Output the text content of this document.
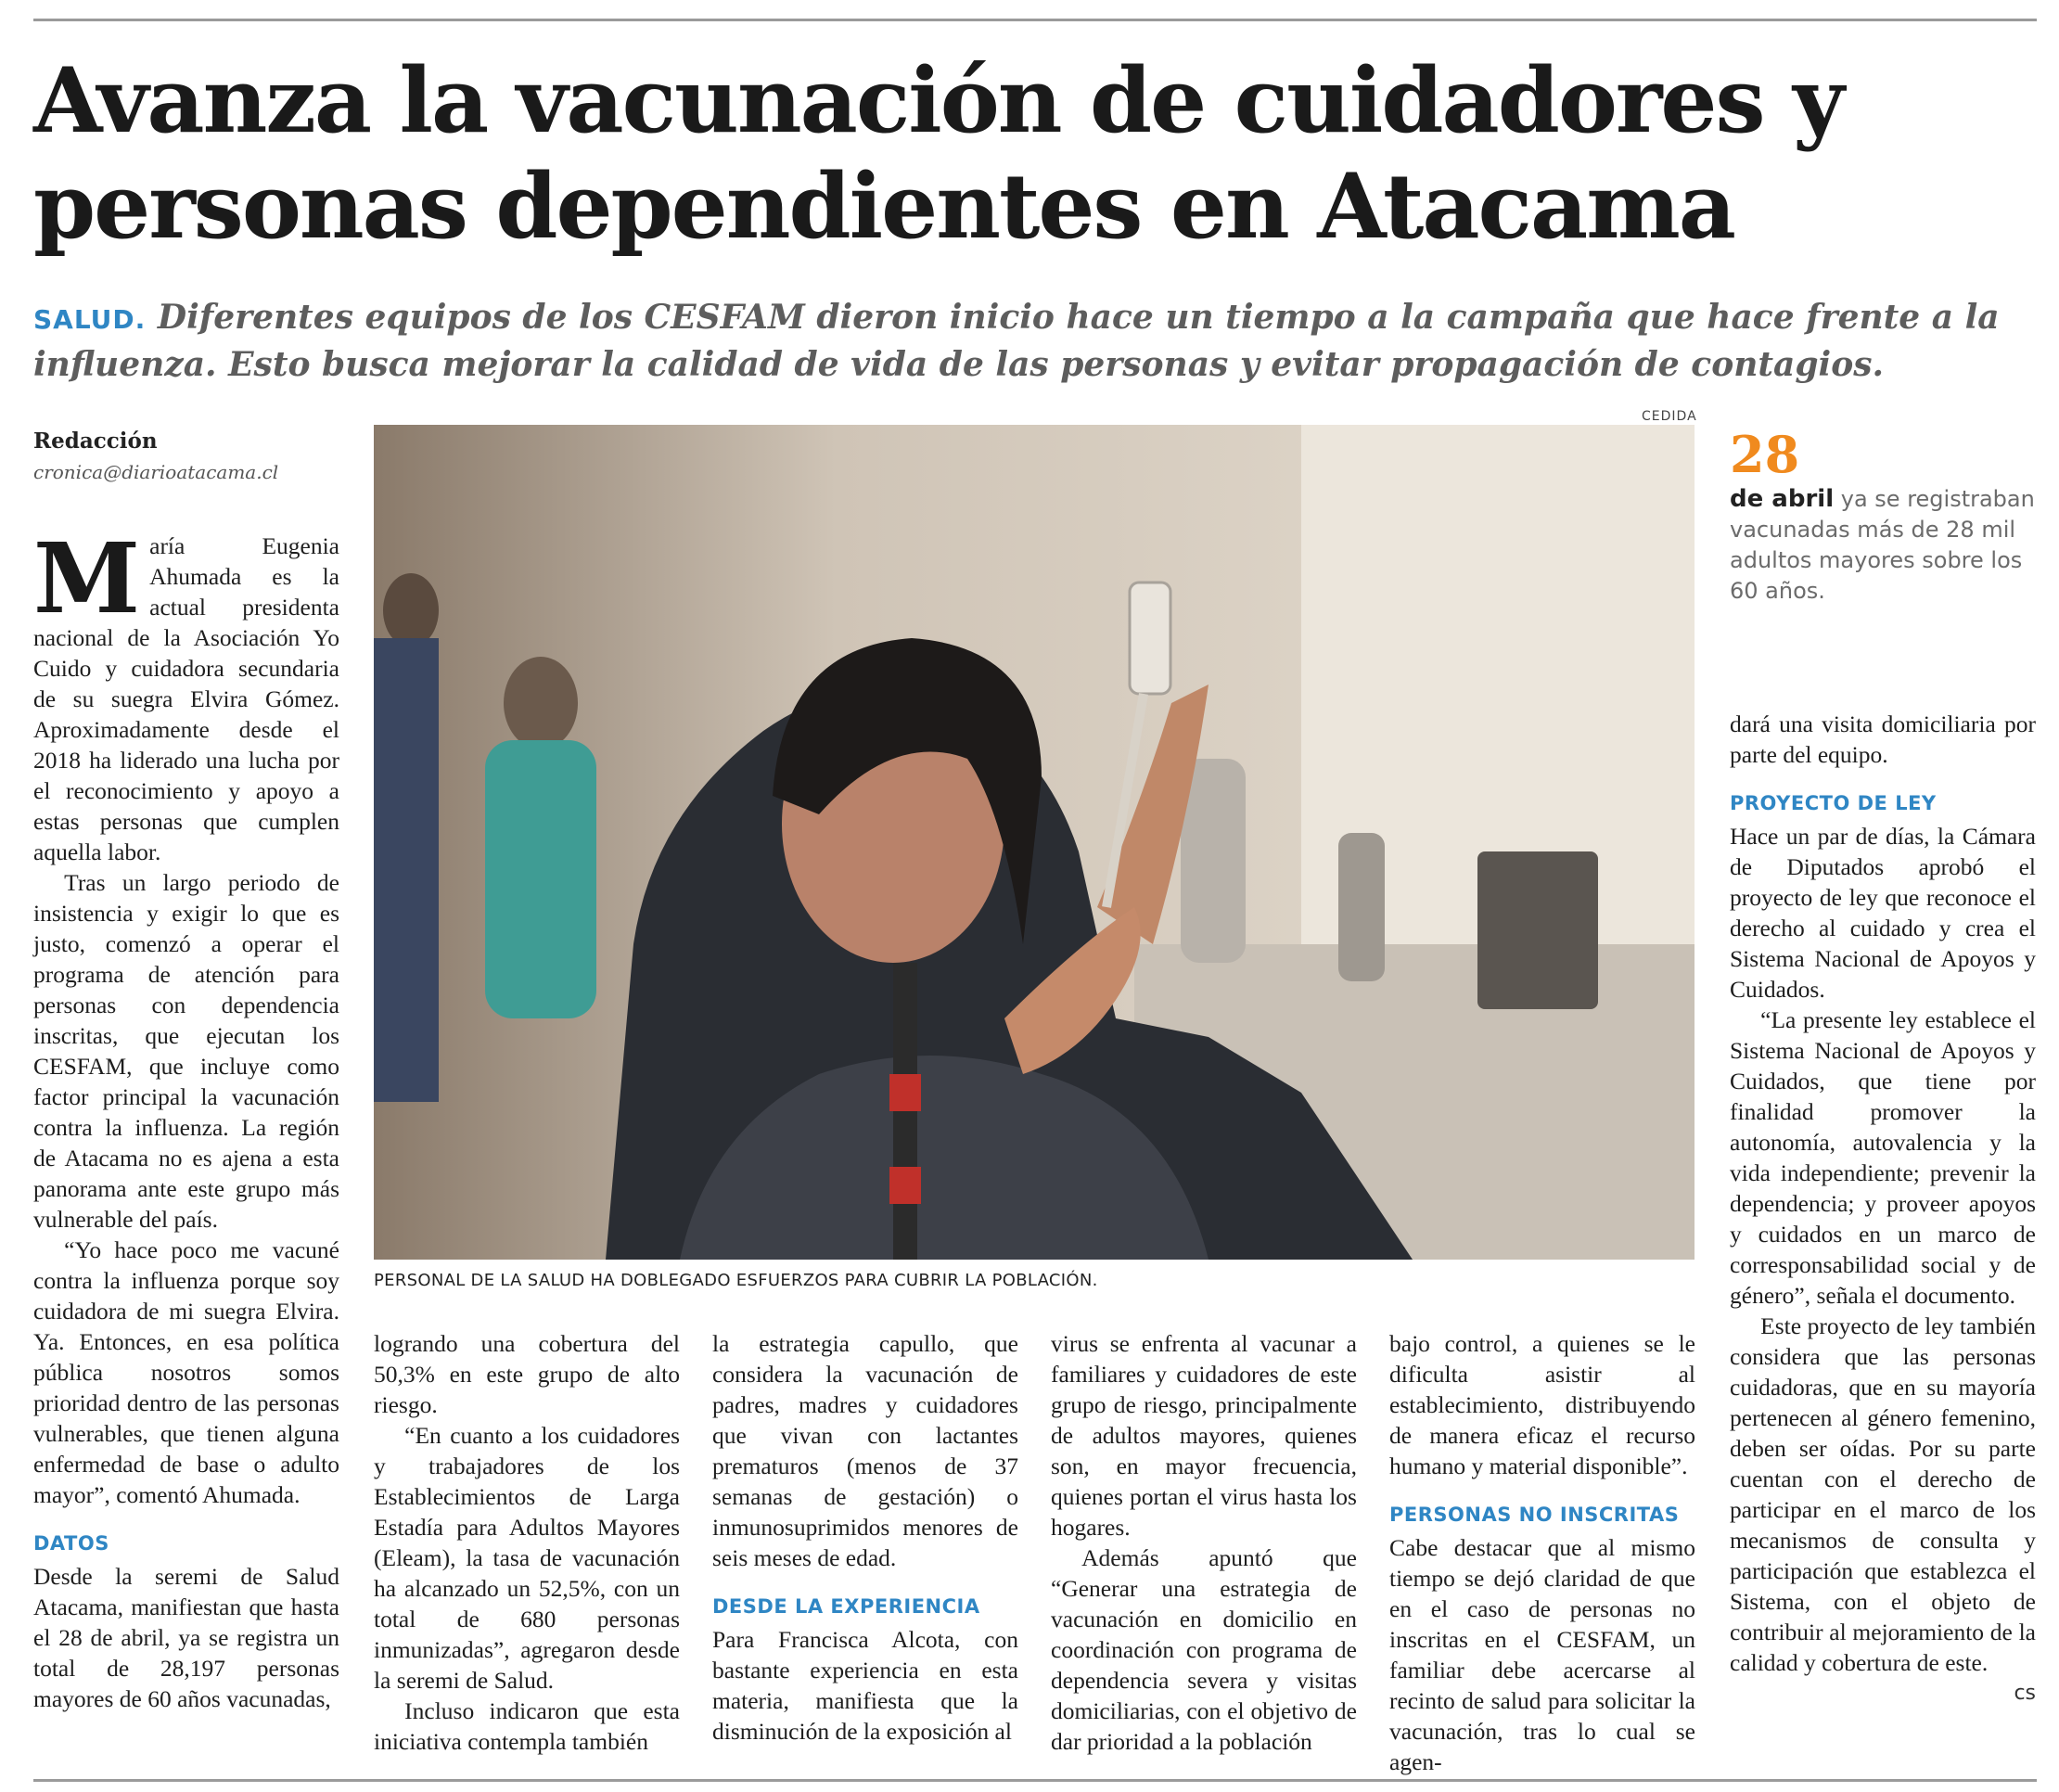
Avanza la vacunación de cuidadores y personas dependientes en Atacama

SALUD. Diferentes equipos de los CESFAM dieron inicio hace un tiempo a la campaña que hace frente a la influenza. Esto busca mejorar la calidad de vida de las personas y evitar propagación de contagios.

Redacción
cronica@diarioatacama.cl

María Eugenia Ahumada es la actual presidenta nacional de la Asociación Yo Cuido y cuidadora secundaria de su suegra Elvira Gómez. Aproximadamente desde el 2018 ha liderado una lucha por el reconocimiento y apoyo a estas personas que cumplen aquella labor.

Tras un largo periodo de insistencia y exigir lo que es justo, comenzó a operar el programa de atención para personas con dependencia inscritas, que ejecutan los CESFAM, que incluye como factor principal la vacunación contra la influenza. La región de Atacama no es ajena a esta panorama ante este grupo más vulnerable del país.

“Yo hace poco me vacuné contra la influenza porque soy cuidadora de mi suegra Elvira. Ya. Entonces, en esa política pública nosotros somos prioridad dentro de las personas vulnerables, que tienen alguna enfermedad de base o adulto mayor”, comentó Ahumada.

DATOS

Desde la seremi de Salud Atacama, manifiestan que hasta el 28 de abril, ya se registra un total de 28,197 personas mayores de 60 años vacunadas,

CEDIDA
PERSONAL DE LA SALUD HA DOBLEGADO ESFUERZOS PARA CUBRIR LA POBLACIÓN.
28
de abril ya se registraban vacunadas más de 28 mil adultos mayores sobre los 60 años.

logrando una cobertura del 50,3% en este grupo de alto riesgo.

“En cuanto a los cuidadores y trabajadores de los Establecimientos de Larga Estadía para Adultos Mayores (Eleam), la tasa de vacunación ha alcanzado un 52,5%, con un total de 680 personas inmunizadas”, agregaron desde la seremi de Salud.

Incluso indicaron que esta iniciativa contempla también

la estrategia capullo, que considera la vacunación de padres, madres y cuidadores que vivan con lactantes prematuros (menos de 37 semanas de gestación) o inmunosuprimidos menores de seis meses de edad.

DESDE LA EXPERIENCIA

Para Francisca Alcota, con bastante experiencia en esta materia, manifiesta que la disminución de la exposición al

virus se enfrenta al vacunar a familiares y cuidadores de este grupo de riesgo, principalmente de adultos mayores, quienes son, en mayor frecuencia, quienes portan el virus hasta los hogares.

Además apuntó que “Generar una estrategia de vacunación en domicilio en coordinación con programa de dependencia severa y visitas domiciliarias, con el objetivo de dar prioridad a la población

bajo control, a quienes se le dificulta asistir al establecimiento, distribuyendo de manera eficaz el recurso humano y material disponible”.

PERSONAS NO INSCRITAS

Cabe destacar que al mismo tiempo se dejó claridad de que en el caso de personas no inscritas en el CESFAM, un familiar debe acercarse al recinto de salud para solicitar la vacunación, tras lo cual se agen-

dará una visita domiciliaria por parte del equipo.

PROYECTO DE LEY

Hace un par de días, la Cámara de Diputados aprobó el proyecto de ley que reconoce el derecho al cuidado y crea el Sistema Nacional de Apoyos y Cuidados.

“La presente ley establece el Sistema Nacional de Apoyos y Cuidados, que tiene por finalidad promover la autonomía, autovalencia y la vida independiente; prevenir la dependencia; y proveer apoyos y cuidados en un marco de corresponsabilidad social y de género”, señala el documento.

Este proyecto de ley también considera que las personas cuidadoras, que en su mayoría pertenecen al género femenino, deben ser oídas. Por su parte cuentan con el derecho de participar en el marco de los mecanismos de consulta y participación que establezca el Sistema, con el objeto de contribuir al mejoramiento de la calidad y cobertura de este.

cs
